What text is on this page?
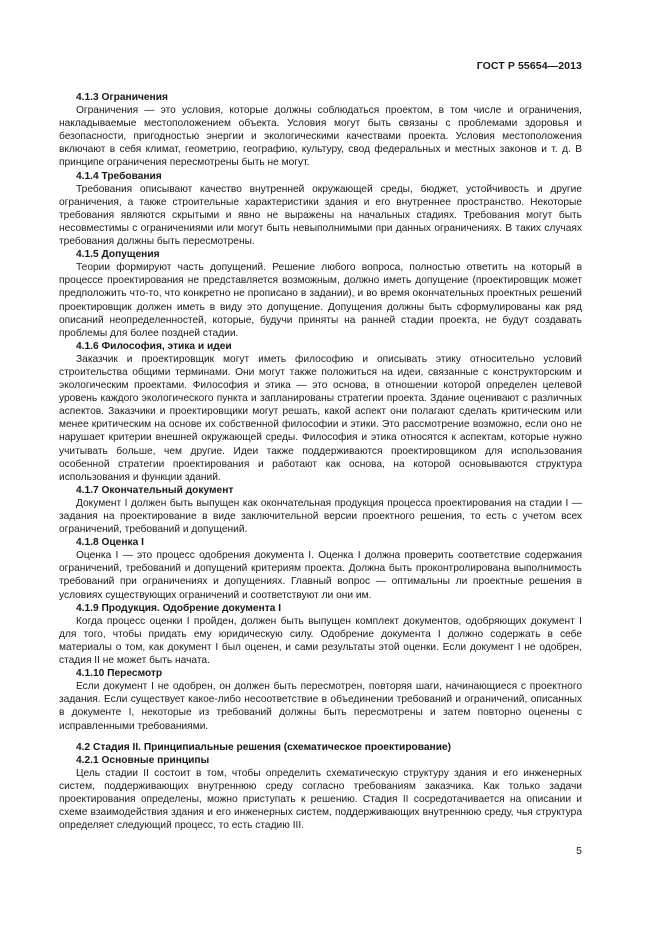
ГОСТ Р 55654—2013

4.1.3 Ограничения

Ограничения — это условия, которые должны соблюдаться проектом, в том числе и ограничения, накладываемые местоположением объекта. Условия могут быть связаны с проблемами здоровья и безопасности, пригодностью энергии и экологическими качествами проекта. Условия местоположения включают в себя климат, геометрию, географию, культуру, свод федеральных и местных законов и т. д. В принципе ограничения пересмотрены быть не могут.

4.1.4 Требования

Требования описывают качество внутренней окружающей среды, бюджет, устойчивость и другие ограничения, а также строительные характеристики здания и его внутреннее пространство. Некоторые требования являются скрытыми и явно не выражены на начальных стадиях. Требования могут быть несовместимы с ограничениями или могут быть невыполнимыми при данных ограничениях. В таких случаях требования должны быть пересмотрены.

4.1.5 Допущения

Теории формируют часть допущений. Решение любого вопроса, полностью ответить на который в процессе проектирования не представляется возможным, должно иметь допущение (проектировщик может предположить что-то, что конкретно не прописано в задании), и во время окончательных проектных решений проектировщик должен иметь в виду это допущение. Допущения должны быть сформулированы как ряд описаний неопределенностей, которые, будучи приняты на ранней стадии проекта, не будут создавать проблемы для более поздней стадии.

4.1.6 Философия, этика и идеи

Заказчик и проектировщик могут иметь философию и описывать этику относительно условий строительства общими терминами. Они могут также положиться на идеи, связанные с конструкторским и экологическим проектами. Философия и этика — это основа, в отношении которой определен целевой уровень каждого экологического пункта и запланированы стратегии проекта. Здание оценивают с различных аспектов. Заказчики и проектировщики могут решать, какой аспект они полагают сделать критическим или менее критическим на основе их собственной философии и этики. Это рассмотрение возможно, если оно не нарушает критерии внешней окружающей среды. Философия и этика относятся к аспектам, которые нужно учитывать больше, чем другие. Идеи также поддерживаются проектировщиком для использования особенной стратегии проектирования и работают как основа, на которой основываются структура использования и функции зданий.

4.1.7 Окончательный документ

Документ I должен быть выпущен как окончательная продукция процесса проектирования на стадии I — задания на проектирование в виде заключительной версии проектного решения, то есть с учетом всех ограничений, требований и допущений.

4.1.8 Оценка I

Оценка I — это процесс одобрения документа I. Оценка I должна проверить соответствие содержания ограничений, требований и допущений критериям проекта. Должна быть проконтролирована выполнимость требований при ограничениях и допущениях. Главный вопрос — оптимальны ли проектные решения в условиях существующих ограничений и соответствуют ли они им.

4.1.9 Продукция. Одобрение документа I

Когда процесс оценки I пройден, должен быть выпущен комплект документов, одобряющих документ I для того, чтобы придать ему юридическую силу. Одобрение документа I должно содержать в себе материалы о том, как документ I был оценен, и сами результаты этой оценки. Если документ I не одобрен, стадия II не может быть начата.

4.1.10 Пересмотр

Если документ I не одобрен, он должен быть пересмотрен, повторяя шаги, начинающиеся с проектного задания. Если существует какое-либо несоответствие в объединении требований и ограничений, описанных в документе I, некоторые из требований должны быть пересмотрены и затем повторно оценены с исправленными требованиями.

4.2 Стадия II. Принципиальные решения (схематическое проектирование)

4.2.1 Основные принципы

Цель стадии II состоит в том, чтобы определить схематическую структуру здания и его инженерных систем, поддерживающих внутреннюю среду согласно требованиям заказчика. Как только задачи проектирования определены, можно приступать к решению. Стадия II сосредотачивается на описании и схеме взаимодействия здания и его инженерных систем, поддерживающих внутреннюю среду, чья структура определяет следующий процесс, то есть стадию III.

5
